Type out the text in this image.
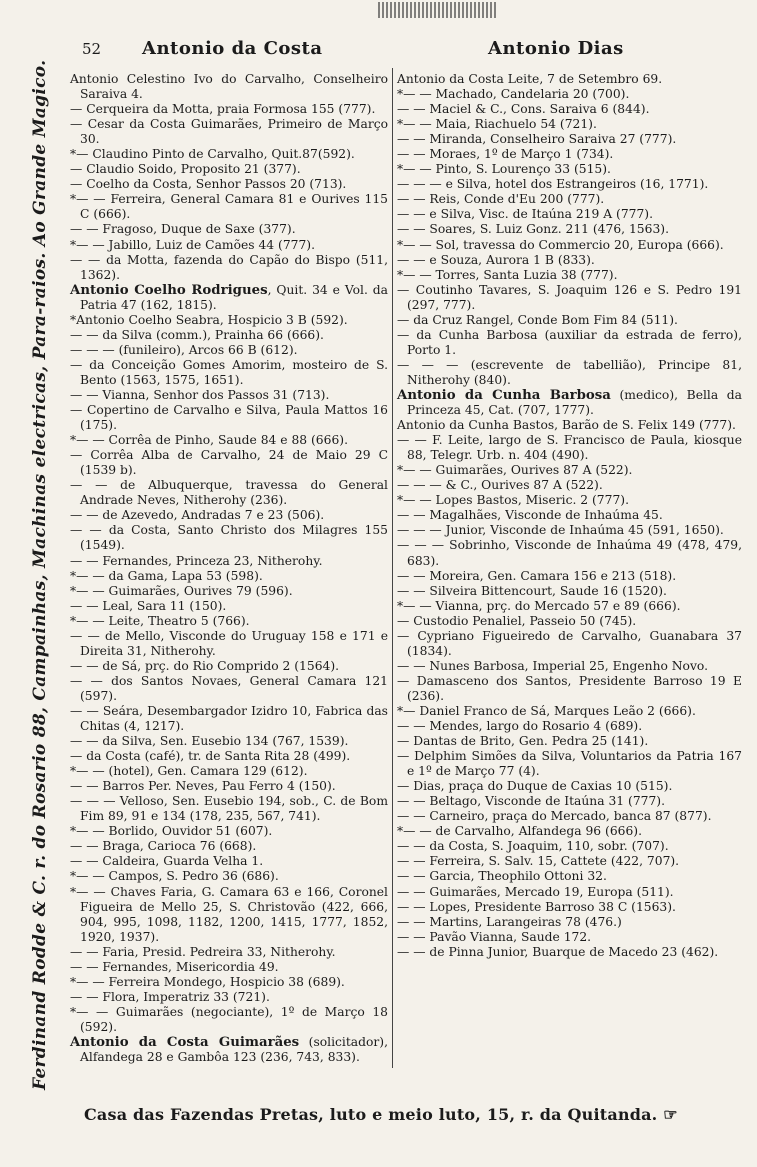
52 Antonio da Costa	Antonio Dias
Ferdinand Rodde & C. r. do Rosario 88, Campainhas, Machinas electricas, Para-raios. Ao Grande Magico.	Antonio Celestino Ivo do Carvalho, Conselheiro Saraiva 4.

— Cerqueira da Motta, praia Formosa 155 (777).

— Cesar da Costa Guimarães, Primeiro de Março 30.

*— Claudino Pinto de Carvalho, Quit.87(592).

— Claudio Soido, Proposito 21 (377).

— Coelho da Costa, Senhor Passos 20 (713).

*— — Ferreira, General Camara 81 e Ourives 115 C (666).

— — Fragoso, Duque de Saxe (377).

*— — Jabillo, Luiz de Camões 44 (777).

— — da Motta, fazenda do Capão do Bispo (511, 1362).

Antonio Coelho Rodrigues, Quit. 34 e Vol. da Patria 47 (162, 1815).

*Antonio Coelho Seabra, Hospicio 3 B (592).

— — da Silva (comm.), Prainha 66 (666).

— — — (funileiro), Arcos 66 B (612).

— da Conceição Gomes Amorim, mosteiro de S. Bento (1563, 1575, 1651).

— — Vianna, Senhor dos Passos 31 (713).

— Copertino de Carvalho e Silva, Paula Mattos 16 (175).

*— — Corrêa de Pinho, Saude 84 e 88 (666).

— Corrêa Alba de Carvalho, 24 de Maio 29 C (1539 b).

— — de Albuquerque, travessa do General Andrade Neves, Nitherohy (236).

— — de Azevedo, Andradas 7 e 23 (506).

— — da Costa, Santo Christo dos Milagres 155 (1549).

— — Fernandes, Princeza 23, Nitherohy.

*— — da Gama, Lapa 53 (598).

*— — Guimarães, Ourives 79 (596).

— — Leal, Sara 11 (150).

*— — Leite, Theatro 5 (766).

— — de Mello, Visconde do Uruguay 158 e 171 e Direita 31, Nitherohy.

— — de Sá, prç. do Rio Comprido 2 (1564).

— — dos Santos Novaes, General Camara 121 (597).

— — Seára, Desembargador Izidro 10, Fabrica das Chitas (4, 1217).

— — da Silva, Sen. Eusebio 134 (767, 1539).

— da Costa (café), tr. de Santa Rita 28 (499).

*— — (hotel), Gen. Camara 129 (612).

— — Barros Per. Neves, Pau Ferro 4 (150).

— — — Velloso, Sen. Eusebio 194, sob., C. de Bom Fim 89, 91 e 134 (178, 235, 567, 741).

*— — Borlido, Ouvidor 51 (607).

— — Braga, Carioca 76 (668).

— — Caldeira, Guarda Velha 1.

*— — Campos, S. Pedro 36 (686).

*— — Chaves Faria, G. Camara 63 e 166, Coronel Figueira de Mello 25, S. Christovão (422, 666, 904, 995, 1098, 1182, 1200, 1415, 1777, 1852, 1920, 1937).

— — Faria, Presid. Pedreira 33, Nitherohy.

— — Fernandes, Misericordia 49.

*— — Ferreira Mondego, Hospicio 38 (689).

— — Flora, Imperatriz 33 (721).

*— — Guimarães (negociante), 1º de Março 18 (592).

Antonio da Costa Guimarães (solicitador), Alfandega 28 e Gambôa 123 (236, 743, 833).

Antonio da Costa Leite, 7 de Setembro 69.

*— — Machado, Candelaria 20 (700).

— — Maciel & C., Cons. Saraiva 6 (844).

*— — Maia, Riachuelo 54 (721).

— — Miranda, Conselheiro Saraiva 27 (777).

— — Moraes, 1º de Março 1 (734).

*— — Pinto, S. Lourenço 33 (515).

— — — e Silva, hotel dos Estrangeiros (16, 1771).

— — Reis, Conde d'Eu 200 (777).

— — e Silva, Visc. de Itaúna 219 A (777).

— — Soares, S. Luiz Gonz. 211 (476, 1563).

*— — Sol, travessa do Commercio 20, Europa (666).

— — e Souza, Aurora 1 B (833).

*— — Torres, Santa Luzia 38 (777).

— Coutinho Tavares, S. Joaquim 126 e S. Pedro 191 (297, 777).

— da Cruz Rangel, Conde Bom Fim 84 (511).

— da Cunha Barbosa (auxiliar da estrada de ferro), Porto 1.

— — — (escrevente de tabellião), Principe 81, Nitherohy (840).

Antonio da Cunha Barbosa (medico), Bella da Princeza 45, Cat. (707, 1777).

Antonio da Cunha Bastos, Barão de S. Felix 149 (777).

— — F. Leite, largo de S. Francisco de Paula, kiosque 88, Telegr. Urb. n. 404 (490).

*— — Guimarães, Ourives 87 A (522).

— — — & C., Ourives 87 A (522).

*— — Lopes Bastos, Miseric. 2 (777).

— — Magalhães, Visconde de Inhaúma 45.

— — — Junior, Visconde de Inhaúma 45 (591, 1650).

— — — Sobrinho, Visconde de Inhaúma 49 (478, 479, 683).

— — Moreira, Gen. Camara 156 e 213 (518).

— — Silveira Bittencourt, Saude 16 (1520).

*— — Vianna, prç. do Mercado 57 e 89 (666).

— Custodio Penaliel, Passeio 50 (745).

— Cypriano Figueiredo de Carvalho, Guanabara 37 (1834).

— — Nunes Barbosa, Imperial 25, Engenho Novo.

— Damasceno dos Santos, Presidente Barroso 19 E (236).

*— Daniel Franco de Sá, Marques Leão 2 (666).

— — Mendes, largo do Rosario 4 (689).

— Dantas de Brito, Gen. Pedra 25 (141).

— Delphim Simões da Silva, Voluntarios da Patria 167 e 1º de Março 77 (4).

— Dias, praça do Duque de Caxias 10 (515).

— — Beltago, Visconde de Itaúna 31 (777).

— — Carneiro, praça do Mercado, banca 87 (877).

*— — de Carvalho, Alfandega 96 (666).

— — da Costa, S. Joaquim, 110, sobr. (707).

— — Ferreira, S. Salv. 15, Cattete (422, 707).

— — Garcia, Theophilo Ottoni 32.

— — Guimarães, Mercado 19, Europa (511).

— — Lopes, Presidente Barroso 38 C (1563).

— — Martins, Larangeiras 78 (476.)

— — Pavão Vianna, Saude 172.

— — de Pinna Junior, Buarque de Macedo 23 (462).

Casa das Fazendas Pretas, luto e meio luto, 15, r. da Quitanda. ☞
